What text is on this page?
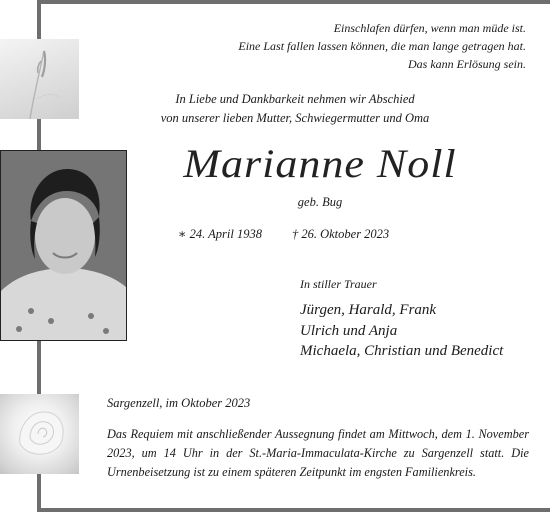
Einschlafen dürfen, wenn man müde ist.
Eine Last fallen lassen können, die man lange getragen hat.
Das kann Erlösung sein.
In Liebe und Dankbarkeit nehmen wir Abschied
von unserer lieben Mutter, Schwiegermutter und Oma
Marianne Noll
geb. Bug
∗ 24. April 1938 † 26. Oktober 2023
In stiller Trauer
Jürgen, Harald, Frank
Ulrich und Anja
Michaela, Christian und Benedict
Sargenzell, im Oktober 2023

Das Requiem mit anschließender Aussegnung findet am Mittwoch, dem 1. November 2023, um 14 Uhr in der St.-Maria-Immaculata-Kirche zu Sargenzell statt. Die Urnenbeisetzung ist zu einem späteren Zeitpunkt im engsten Familienkreis.
